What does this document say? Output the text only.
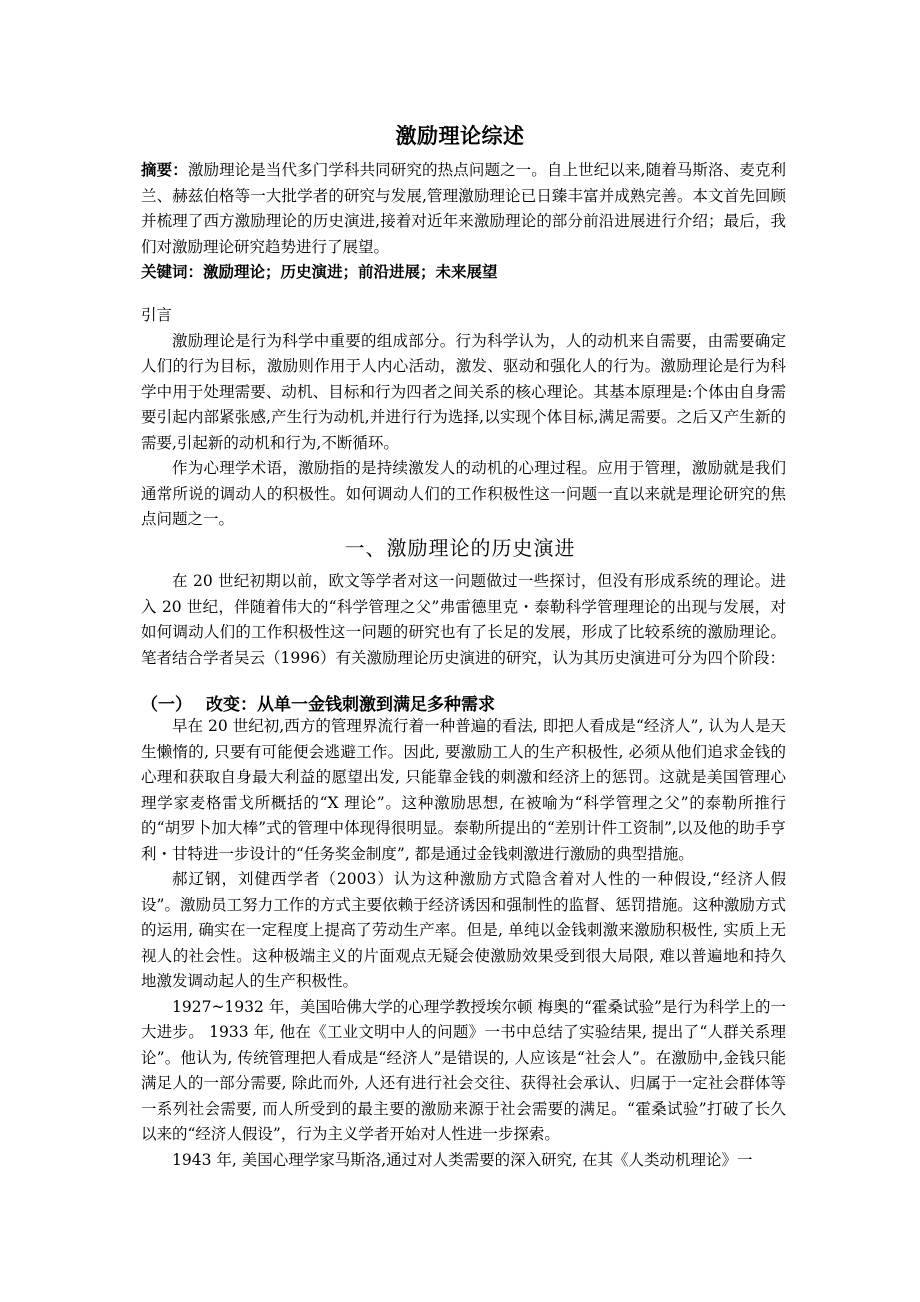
激励理论综述

摘要：激励理论是当代多门学科共同研究的热点问题之一。自上世纪以来,随着马斯洛、麦克利兰、赫兹伯格等一大批学者的研究与发展,管理激励理论已日臻丰富并成熟完善。本文首先回顾并梳理了西方激励理论的历史演进,接着对近年来激励理论的部分前沿进展进行介绍；最后，我们对激励理论研究趋势进行了展望。

关键词：激励理论；历史演进；前沿进展；未来展望

引言

激励理论是行为科学中重要的组成部分。行为科学认为，人的动机来自需要，由需要确定人们的行为目标，激励则作用于人内心活动，激发、驱动和强化人的行为。激励理论是行为科学中用于处理需要、动机、目标和行为四者之间关系的核心理论。其基本原理是:个体由自身需要引起内部紧张感,产生行为动机,并进行行为选择,以实现个体目标,满足需要。之后又产生新的需要,引起新的动机和行为,不断循环。

作为心理学术语，激励指的是持续激发人的动机的心理过程。应用于管理，激励就是我们通常所说的调动人的积极性。如何调动人们的工作积极性这一问题一直以来就是理论研究的焦点问题之一。

一、激励理论的历史演进

在 20 世纪初期以前，欧文等学者对这一问题做过一些探讨，但没有形成系统的理论。进入 20 世纪，伴随着伟大的“科学管理之父”弗雷德里克・泰勒科学管理理论的出现与发展，对如何调动人们的工作积极性这一问题的研究也有了长足的发展，形成了比较系统的激励理论。笔者结合学者吴云（1996）有关激励理论历史演进的研究，认为其历史演进可分为四个阶段：

（一） 改变：从单一金钱刺激到满足多种需求

早在 20 世纪初,西方的管理界流行着一种普遍的看法, 即把人看成是“经济人”, 认为人是天生懒惰的, 只要有可能便会逃避工作。因此, 要激励工人的生产积极性, 必须从他们追求金钱的心理和获取自身最大利益的愿望出发, 只能靠金钱的刺激和经济上的惩罚。这就是美国管理心理学家麦格雷戈所概括的“X 理论”。这种激励思想, 在被喻为“科学管理之父”的泰勒所推行的“胡罗卜加大棒”式的管理中体现得很明显。泰勒所提出的“差别计件工资制”,以及他的助手亨利・甘特进一步设计的“任务奖金制度”, 都是通过金钱刺激进行激励的典型措施。

郝辽钢，刘健西学者（2003）认为这种激励方式隐含着对人性的一种假设,“经济人假设”。激励员工努力工作的方式主要依赖于经济诱因和强制性的监督、惩罚措施。这种激励方式的运用, 确实在一定程度上提高了劳动生产率。但是, 单纯以金钱刺激来激励积极性, 实质上无视人的社会性。这种极端主义的片面观点无疑会使激励效果受到很大局限, 难以普遍地和持久地激发调动起人的生产积极性。

1927~1932 年，美国哈佛大学的心理学教授埃尔顿 梅奥的“霍桑试验”是行为科学上的一大进步。 1933 年, 他在《工业文明中人的问题》一书中总结了实验结果, 提出了“人群关系理论”。他认为, 传统管理把人看成是“经济人”是错误的, 人应该是“社会人”。在激励中,金钱只能满足人的一部分需要, 除此而外, 人还有进行社会交往、获得社会承认、归属于一定社会群体等一系列社会需要, 而人所受到的最主要的激励来源于社会需要的满足。“霍桑试验”打破了长久以来的“经济人假设”，行为主义学者开始对人性进一步探索。

1943 年, 美国心理学家马斯洛,通过对人类需要的深入研究, 在其《人类动机理论》一
